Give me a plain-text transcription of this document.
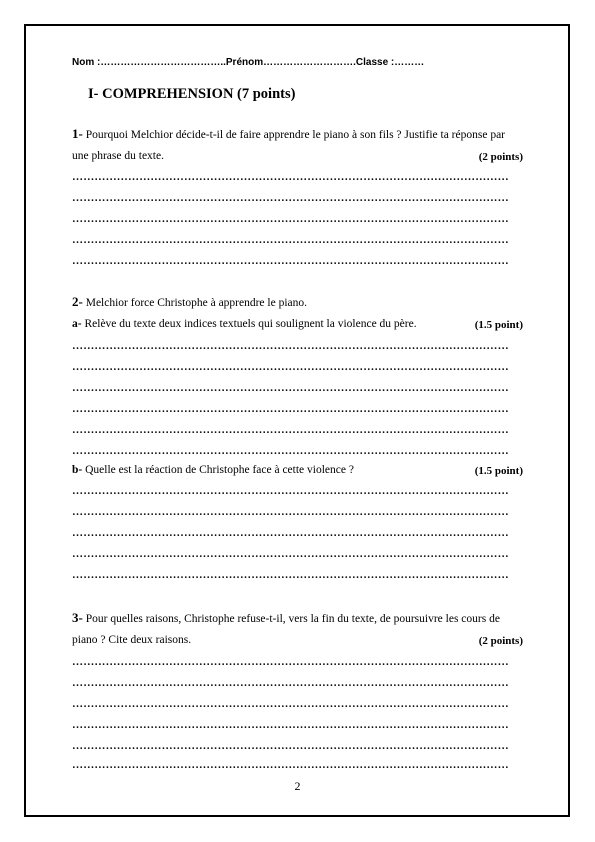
Nom :………………………………..Prénom……………………….Classe :………
I- COMPREHENSION (7 points)
1- Pourquoi Melchior décide-t-il de faire apprendre le piano à son fils ? Justifie ta réponse par
une phrase du texte.	(2 points)
………………………………………………………………………………………………………
………………………………………………………………………………………………………
………………………………………………………………………………………………………
………………………………………………………………………………………………………
………………………………………………………………………………………………………
2- Melchior force Christophe à apprendre le piano.
a- Relève du texte deux indices textuels qui soulignent la violence du père.	(1.5 point)
………………………………………………………………………………………………………
………………………………………………………………………………………………………
………………………………………………………………………………………………………
………………………………………………………………………………………………………
………………………………………………………………………………………………………
………………………………………………………………………………………………………
b- Quelle est la réaction de Christophe face à cette violence ?	(1.5 point)
………………………………………………………………………………………………………
………………………………………………………………………………………………………
………………………………………………………………………………………………………
………………………………………………………………………………………………………
………………………………………………………………………………………………………
3- Pour quelles raisons, Christophe refuse-t-il, vers la fin du texte, de poursuivre les cours de
piano ? Cite deux raisons.	(2 points)
………………………………………………………………………………………………………
………………………………………………………………………………………………………
………………………………………………………………………………………………………
………………………………………………………………………………………………………
………………………………………………………………………………………………………
………………………………………………………………………………………………………
2
